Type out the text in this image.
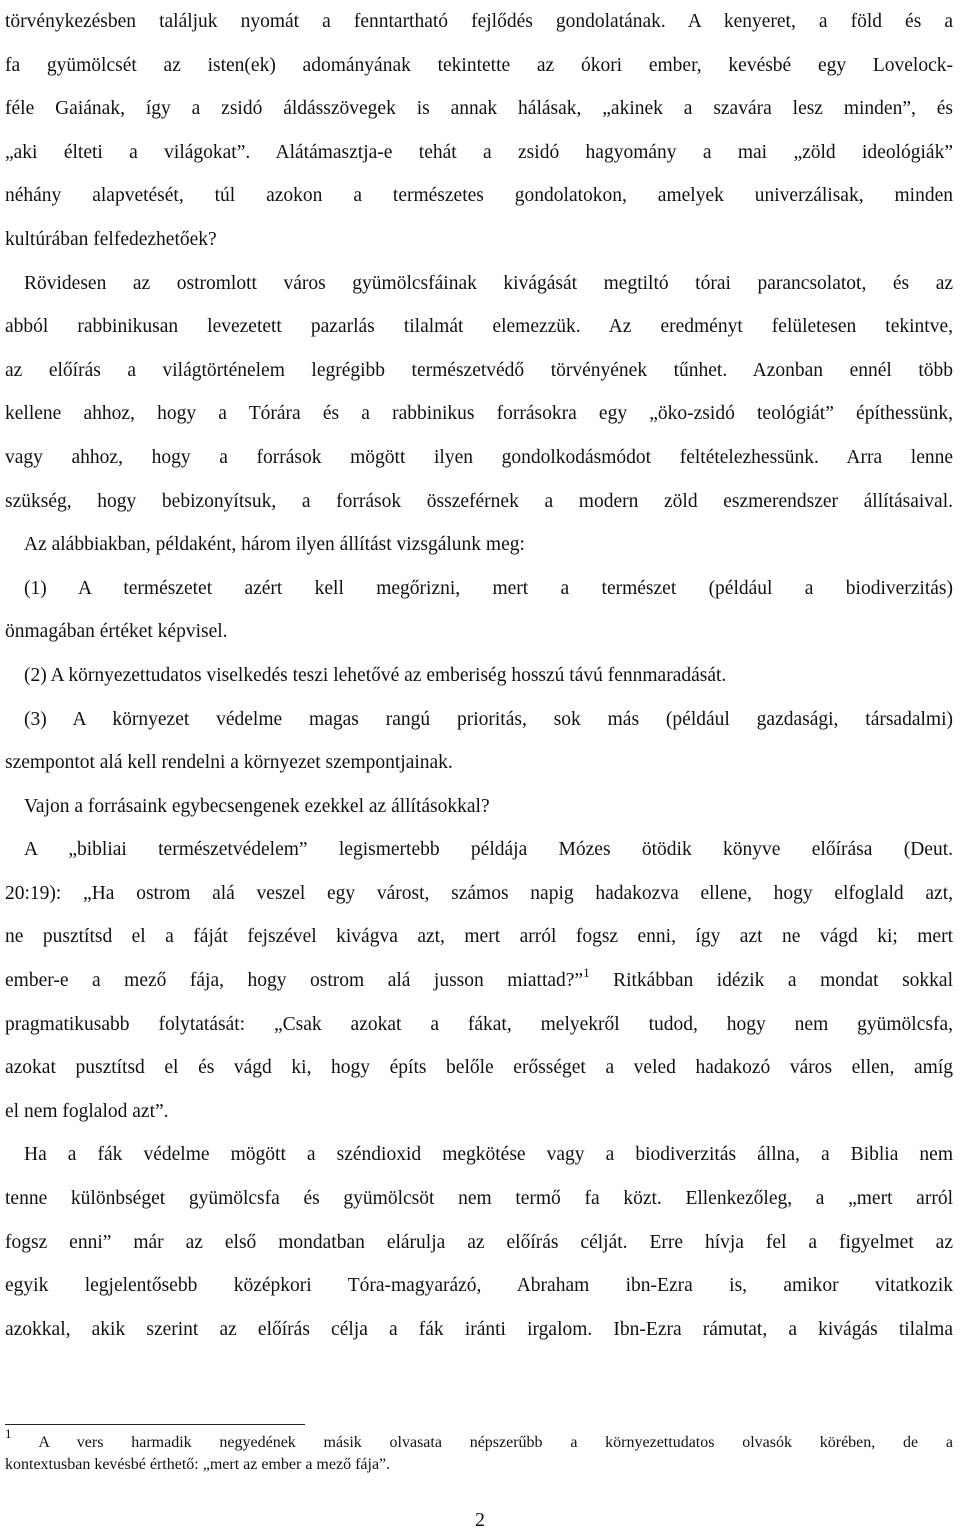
törvénykezésben találjuk nyomát a fenntartható fejlődés gondolatának. A kenyeret, a föld és a
fa gyümölcsét az isten(ek) adományának tekintette az ókori ember, kevésbé egy Lovelock-
féle Gaiának, így a zsidó áldásszövegek is annak hálásak, „akinek a szavára lesz minden”, és
„aki élteti a világokat”. Alátámasztja-e tehát a zsidó hagyomány a mai „zöld ideológiák”
néhány alapvetését, túl azokon a természetes gondolatokon, amelyek univerzálisak, minden
kultúrában felfedezhetőek?
Rövidesen az ostromlott város gyümölcsfáinak kivágását megtiltó tórai parancsolatot, és az
abból rabbinikusan levezetett pazarlás tilalmát elemezzük. Az eredményt felületesen tekintve,
az előírás a világtörténelem legrégibb természetvédő törvényének tűnhet. Azonban ennél több
kellene ahhoz, hogy a Tórára és a rabbinikus forrásokra egy „öko-zsidó teológiát” építhessünk,
vagy ahhoz, hogy a források mögött ilyen gondolkodásmódot feltételezhessünk. Arra lenne
szükség, hogy bebizonyítsuk, a források összeférnek a modern zöld eszmerendszer állításaival.
Az alábbiakban, példaként, három ilyen állítást vizsgálunk meg:
(1) A természetet azért kell megőrizni, mert a természet (például a biodiverzitás)
önmagában értéket képvisel.
(2) A környezettudatos viselkedés teszi lehetővé az emberiség hosszú távú fennmaradását.
(3) A környezet védelme magas rangú prioritás, sok más (például gazdasági, társadalmi)
szempontot alá kell rendelni a környezet szempontjainak.
Vajon a forrásaink egybecsengenek ezekkel az állításokkal?
A „bibliai természetvédelem” legismertebb példája Mózes ötödik könyve előírása (Deut.
20:19): „Ha ostrom alá veszel egy várost, számos napig hadakozva ellene, hogy elfoglald azt,
ne pusztítsd el a fáját fejszével kivágva azt, mert arról fogsz enni, így azt ne vágd ki; mert
ember-e a mező fája, hogy ostrom alá jusson miattad?”$^1$ Ritkábban idézik a mondat sokkal
pragmatikusabb folytatását: „Csak azokat a fákat, melyekről tudod, hogy nem gyümölcsfa,
azokat pusztítsd el és vágd ki, hogy építs belőle erősséget a veled hadakozó város ellen, amíg
el nem foglalod azt”.
Ha a fák védelme mögött a széndioxid megkötése vagy a biodiverzitás állna, a Biblia nem
tenne különbséget gyümölcsfa és gyümölcsöt nem termő fa közt. Ellenkezőleg, a „mert arról
fogsz enni” már az első mondatban elárulja az előírás célját. Erre hívja fel a figyelmet az
egyik legjelentősebb középkori Tóra-magyarázó, Abraham ibn-Ezra is, amikor vitatkozik
azokkal, akik szerint az előírás célja a fák iránti irgalom. Ibn-Ezra rámutat, a kivágás tilalma
$^1$ A vers harmadik negyedének másik olvasata népszerűbb a környezettudatos olvasók körében, de a
kontextusban kevésbé érthető: „mert az ember a mező fája”.
2
